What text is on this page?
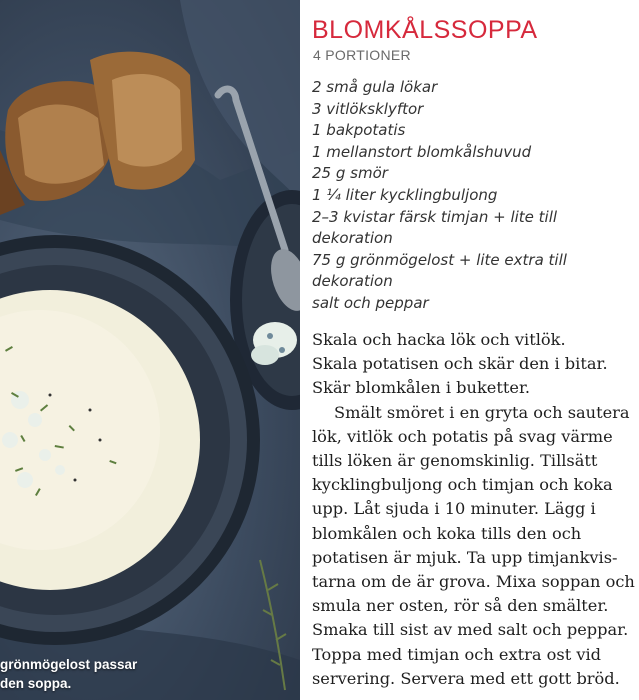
grönmögelost passar
den soppa.
BLOMKÅLSSOPPA
4 PORTIONER
2 små gula lökar
3 vitlöksklyftor
1 bakpotatis
1 mellanstort blomkålshuvud
25 g smör
1 ¼ liter kycklingbuljong
2–3 kvistar färsk timjan + lite till
dekoration
75 g grönmögelost + lite extra till
dekoration
salt och peppar
Skala och hacka lök och vitlök.
Skala potatisen och skär den i bitar.
Skär blomkålen i buketter.
Smält smöret i en gryta och sautera
lök, vitlök och potatis på svag värme
tills löken är genomskinlig. Tillsätt
kycklingbuljong och timjan och koka
upp. Låt sjuda i 10 minuter. Lägg i
blomkålen och koka tills den och
potatisen är mjuk. Ta upp timjankvis-
tarna om de är grova. Mixa soppan och
smula ner osten, rör så den smälter.
Smaka till sist av med salt och peppar.
Toppa med timjan och extra ost vid
servering. Servera med ett gott bröd.
